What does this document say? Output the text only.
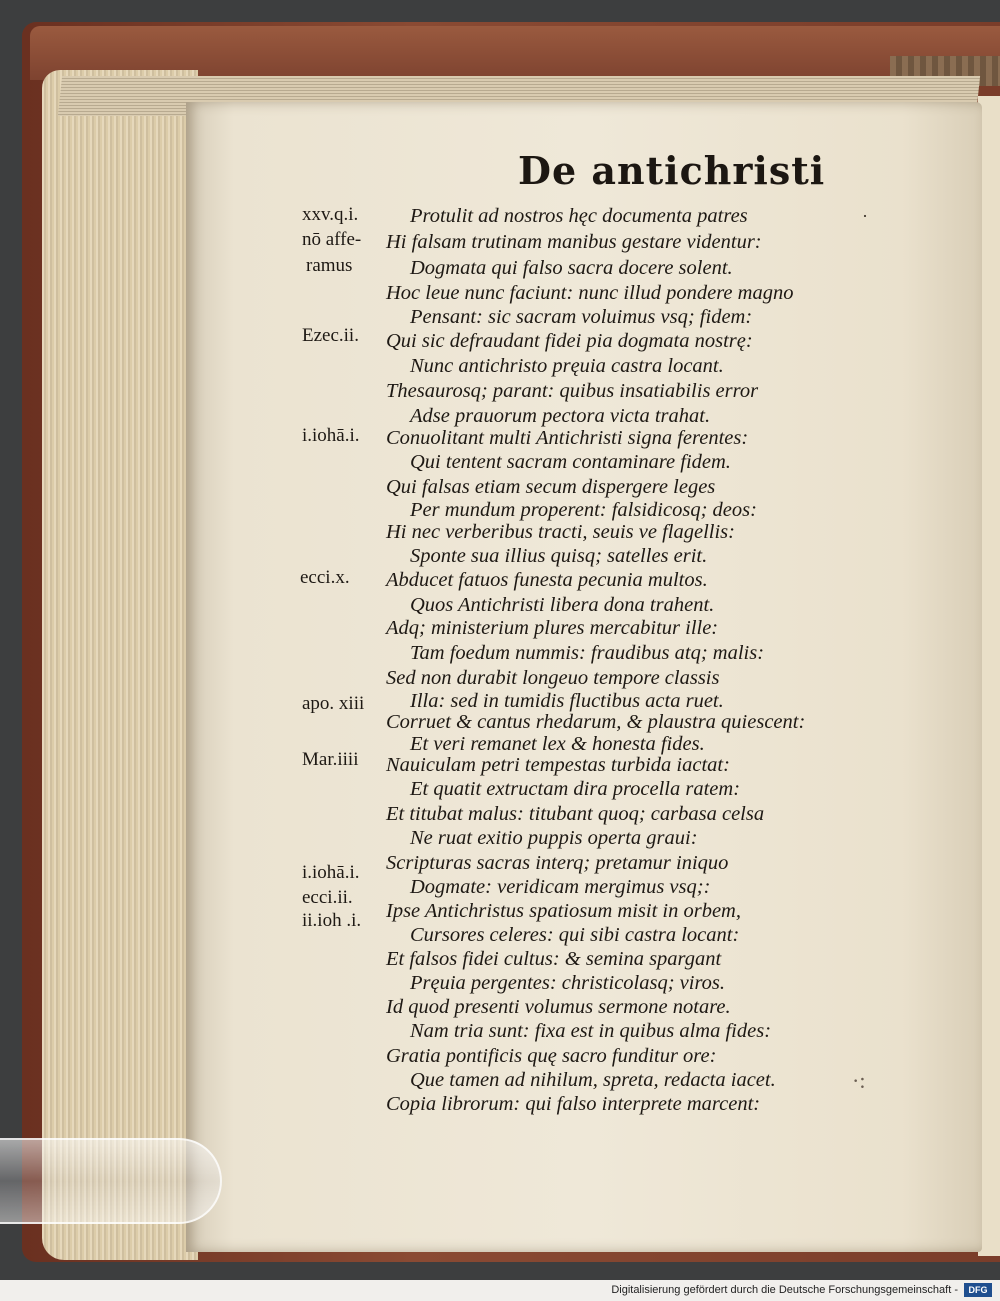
De antichristi
xxv.q.i.
nō affe-
ramus
Ezec.ii.
i.iohā.i.
ecci.x.
apo. xiii
Mar.iiii
i.iohā.i.
ecci.ii.
ii.ioh .i.
Protulit ad nostros hęc documenta patres
Hi falsam trutinam manibus gestare videntur:
Dogmata qui falso sacra docere solent.
Hoc leue nunc faciunt: nunc illud pondere magno
Pensant: sic sacram voluimus vsq; fidem:
Qui sic defraudant fidei pia dogmata nostrę:
Nunc antichristo pręuia castra locant.
Thesaurosq; parant: quibus insatiabilis error
Adse prauorum pectora victa trahat.
Conuolitant multi Antichristi signa ferentes:
Qui tentent sacram contaminare fidem.
Qui falsas etiam secum dispergere leges
Per mundum properent: falsidicosq; deos:
Hi nec verberibus tracti, seuis ve flagellis:
Sponte sua illius quisq; satelles erit.
Abducet fatuos funesta pecunia multos.
Quos Antichristi libera dona trahent.
Adq; ministerium plures mercabitur ille:
Tam foedum nummis: fraudibus atq; malis:
Sed non durabit longeuo tempore classis
Illa: sed in tumidis fluctibus acta ruet.
Corruet & cantus rhedarum, & plaustra quiescent:
Et veri remanet lex & honesta fides.
Nauiculam petri tempestas turbida iactat:
Et quatit extructam dira procella ratem:
Et titubat malus: titubant quoq; carbasa celsa
Ne ruat exitio puppis operta graui:
Scripturas sacras interq; pretamur iniquo
Dogmate: veridicam mergimus vsq;:
Ipse Antichristus spatiosum misit in orbem,
Cursores celeres: qui sibi castra locant:
Et falsos fidei cultus: & semina spargant
Pręuia pergentes: christicolasq; viros.
Id quod presenti volumus sermone notare.
Nam tria sunt: fixa est in quibus alma fides:
Gratia pontificis quę sacro funditur ore:
Que tamen ad nihilum, spreta, redacta iacet.
Copia librorum: qui falso interprete marcent:
·
·:
Digitalisierung gefördert durch die Deutsche Forschungsgemeinschaft -	DFG
